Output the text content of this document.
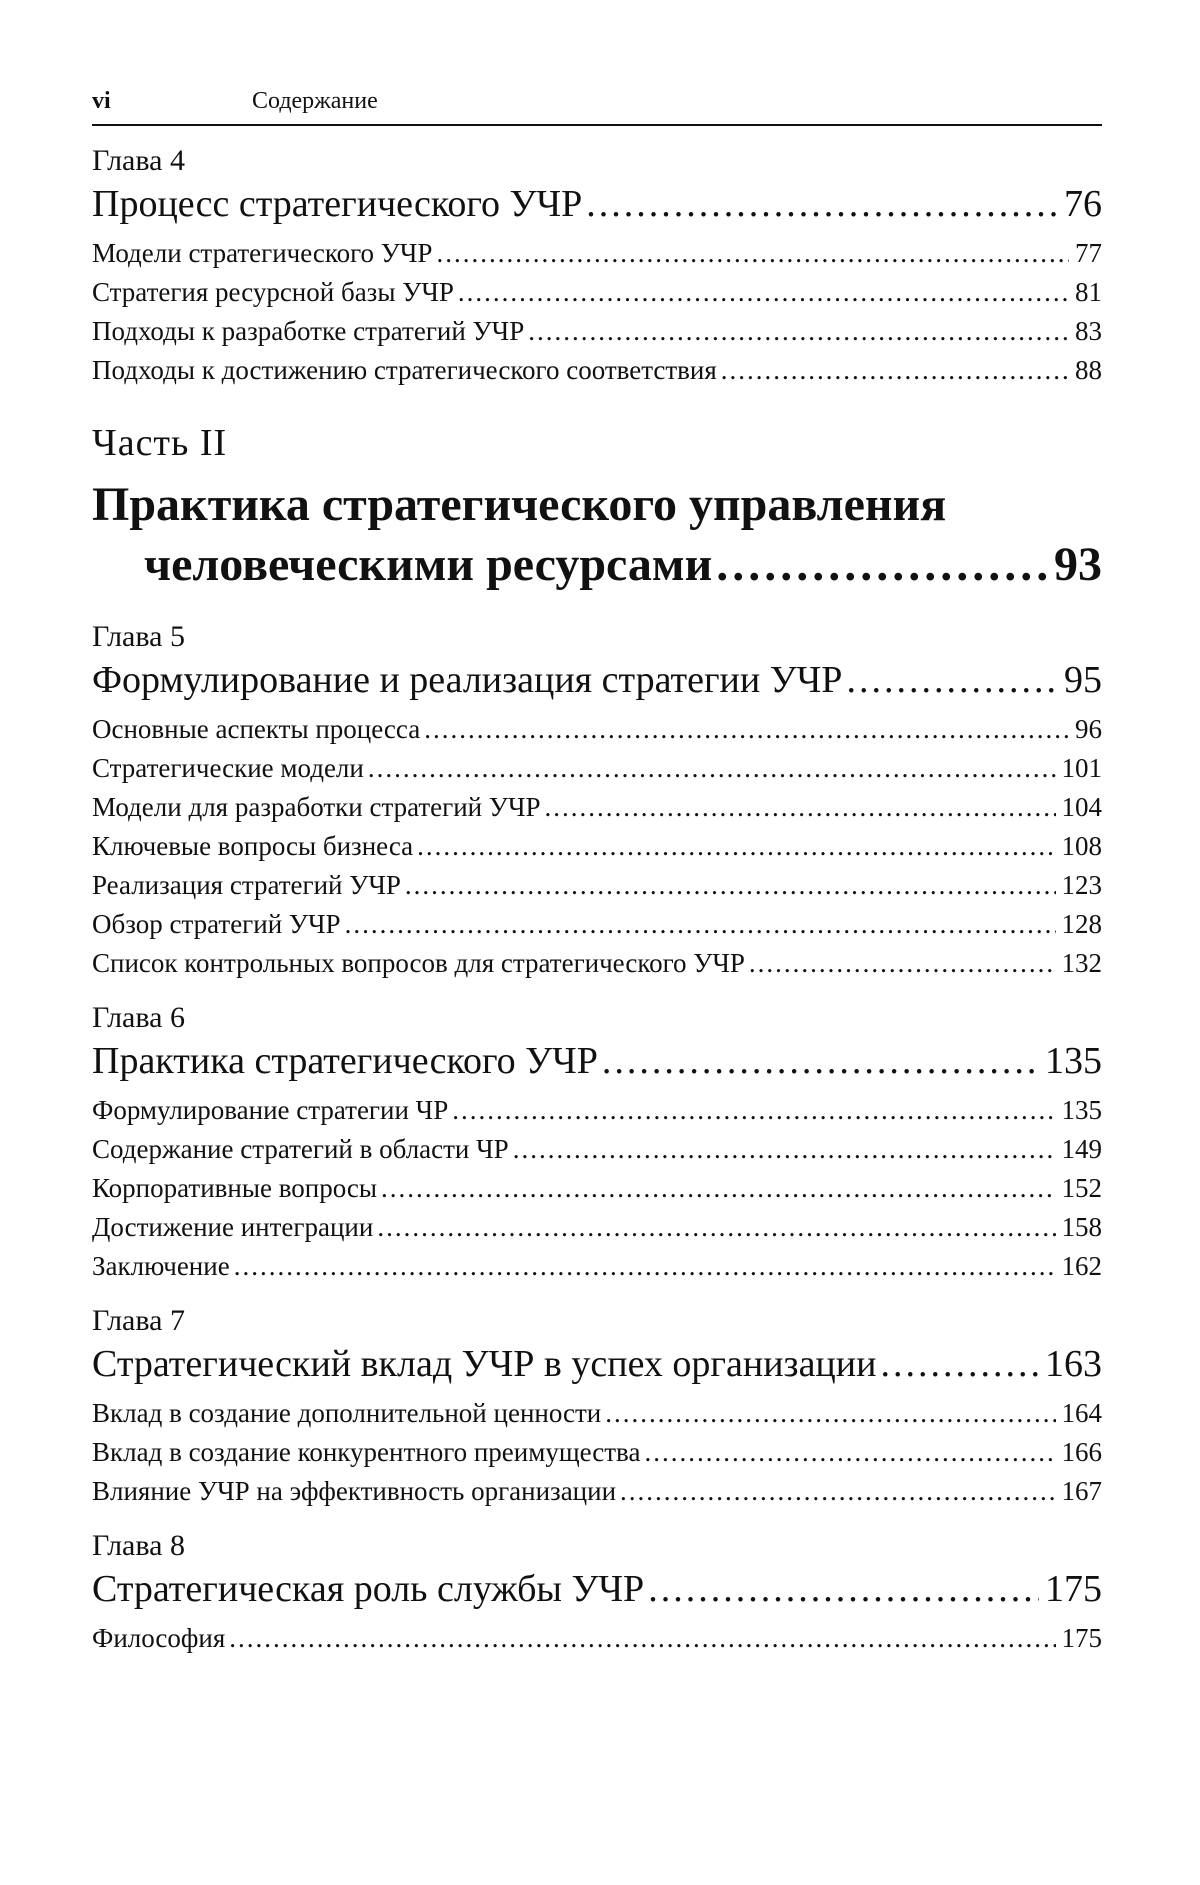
vi	Содержание
Глава 4
Процесс стратегического УЧР .....	76
Модели стратегического УЧР .....	77
Стратегия ресурсной базы УЧР .....	81
Подходы к разработке стратегий УЧР .....	83
Подходы к достижению стратегического соответствия .....	88
Часть II
Практика стратегического управления
человеческими ресурсами .....	93
Глава 5
Формулирование и реализация стратегии УЧР .....	95
Основные аспекты процесса .....	96
Стратегические модели .....	101
Модели для разработки стратегий УЧР .....	104
Ключевые вопросы бизнеса .....	108
Реализация стратегий УЧР .....	123
Обзор стратегий УЧР .....	128
Список контрольных вопросов для стратегического УЧР .....	132
Глава 6
Практика стратегического УЧР .....	135
Формулирование стратегии ЧР .....	135
Содержание стратегий в области ЧР .....	149
Корпоративные вопросы .....	152
Достижение интеграции .....	158
Заключение .....	162
Глава 7
Стратегический вклад УЧР в успех организации .....	163
Вклад в создание дополнительной ценности .....	164
Вклад в создание конкурентного преимущества .....	166
Влияние УЧР на эффективность организации .....	167
Глава 8
Стратегическая роль службы УЧР .....	175
Философия .....	175
